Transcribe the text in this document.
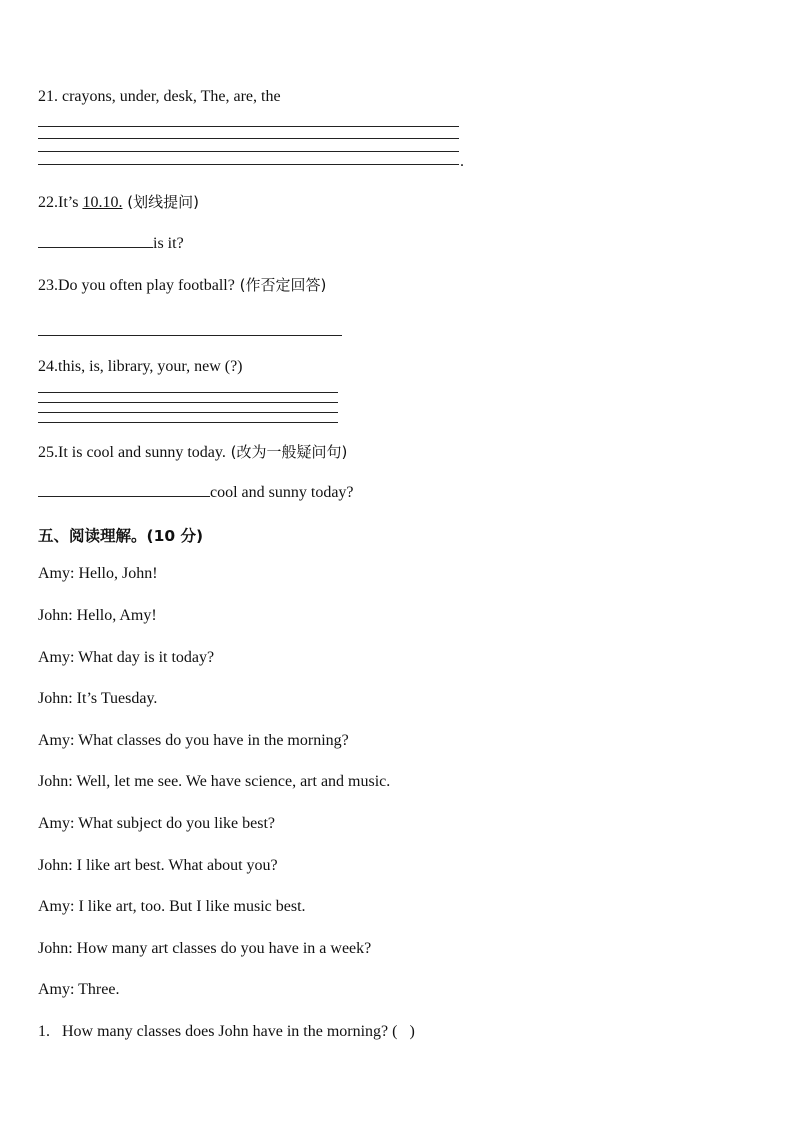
21. crayons, under, desk, The, are, the
.
22.It’s 10.10. (划线提问)
is it?
23.Do you often play football? (作否定回答)
24.this, is, library, your, new (?)
25.It is cool and sunny today. (改为一般疑问句)
cool and sunny today?
五、阅读理解。(10 分)
Amy: Hello, John!
John: Hello, Amy!
Amy: What day is it today?
John: It’s Tuesday.
Amy: What classes do you have in the morning?
John: Well, let me see. We have science, art and music.
Amy: What subject do you like best?
John: I like art best. What about you?
Amy: I like art, too. But I like music best.
John: How many art classes do you have in a week?
Amy: Three.
1. How many classes does John have in the morning? (   )
